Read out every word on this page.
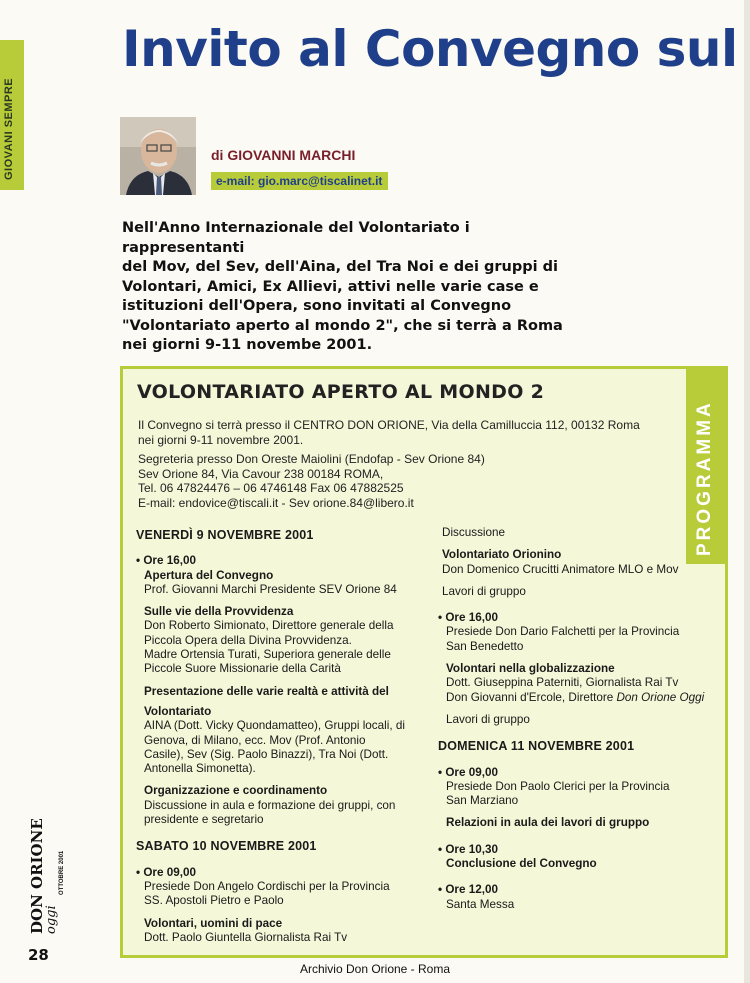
GIOVANI SEMPRE
Invito al Convegno sul
di GIOVANNI MARCHI
e-mail: gio.marc@tiscalinet.it

Nell'Anno Internazionale del Volontariato i rappresentanti

del Mov, del Sev, dell'Aina, del Tra Noi e dei gruppi di

Volontari, Amici, Ex Allievi, attivi nelle varie case e

istituzioni dell'Opera, sono invitati al Convegno

"Volontariato aperto al mondo 2", che si terrà a Roma

nei giorni 9-11 novembe 2001.

PROGRAMMA
VOLONTARIATO APERTO AL MONDO 2

Il Convegno si terrà presso il CENTRO DON ORIONE, Via della Camilluccia 112, 00132 Roma
nei giorni 9-11 novembre 2001.

Segreteria presso Don Oreste Maiolini (Endofap - Sev Orione 84)
Sev Orione 84, Via Cavour 238 00184 ROMA,
Tel. 06 47824476 – 06 4746148 Fax 06 47882525
E-mail: endovice@tiscali.it - Sev orione.84@libero.it

VENERDÌ 9 NOVEMBRE 2001

• Ore 16,00

Apertura del Convegno

Prof. Giovanni Marchi Presidente SEV Orione 84

Sulle vie della Provvidenza

Don Roberto Simionato, Direttore generale della

Piccola Opera della Divina Provvidenza.

Madre Ortensia Turati, Superiora generale delle

Piccole Suore Missionarie della Carità

Presentazione delle varie realtà e attività del

Volontariato

AINA (Dott. Vicky Quondamatteo), Gruppi locali, di

Genova, di Milano, ecc. Mov (Prof. Antonio

Casile), Sev (Sig. Paolo Binazzi), Tra Noi (Dott.

Antonella Simonetta).

Organizzazione e coordinamento

Discussione in aula e formazione dei gruppi, con

presidente e segretario

SABATO 10 NOVEMBRE 2001

• Ore 09,00

Presiede Don Angelo Cordischi per la Provincia

SS. Apostoli Pietro e Paolo

Volontari, uomini di pace

Dott. Paolo Giuntella Giornalista Rai Tv

Discussione

Volontariato Orionino

Don Domenico Crucitti Animatore MLO e Mov

Lavori di gruppo

• Ore 16,00

Presiede Don Dario Falchetti per la Provincia

San Benedetto

Volontari nella globalizzazione

Dott. Giuseppina Paterniti, Giornalista Rai Tv

Don Giovanni d'Ercole, Direttore Don Orione Oggi

Lavori di gruppo

DOMENICA 11 NOVEMBRE 2001

• Ore 09,00

Presiede Don Paolo Clerici per la Provincia

San Marziano

Relazioni in aula dei lavori di gruppo

• Ore 10,30

Conclusione del Convegno

• Ore 12,00

Santa Messa

DON ORIONE
oggi
OTTOBRE 2001
28
Archivio Don Orione - Roma
